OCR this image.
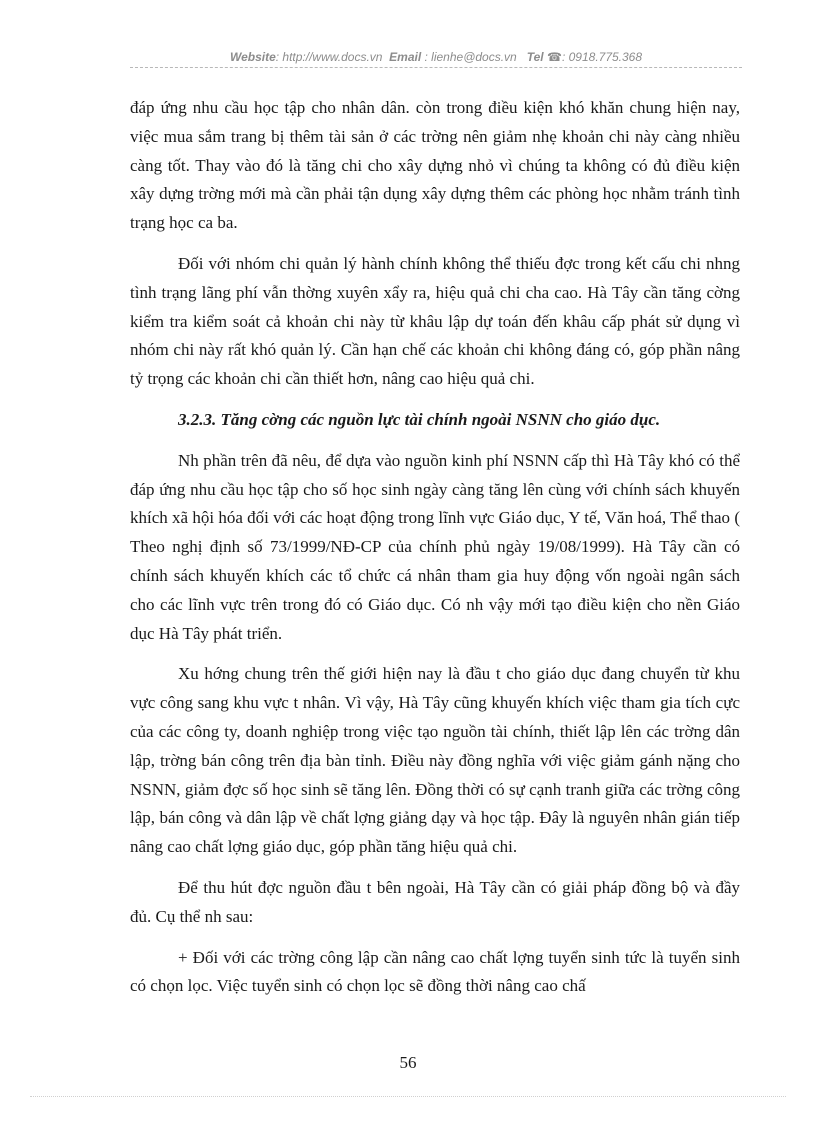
Website: http://www.docs.vn Email : lienhe@docs.vn Tel ☎: 0918.775.368

đáp ứng nhu cầu học tập cho nhân dân. còn trong điều kiện khó khăn chung hiện nay, việc mua sắm trang bị thêm tài sản ở các trờng nên giảm nhẹ khoản chi này càng nhiều càng tốt. Thay vào đó là tăng chi cho xây dựng nhỏ vì chúng ta không có đủ điều kiện xây dựng trờng mới mà cần phải tận dụng xây dựng thêm các phòng học nhằm tránh tình trạng học ca ba.

Đối với nhóm chi quản lý hành chính không thể thiếu đợc trong kết cấu chi nhng tình trạng lãng phí vẫn thờng xuyên xẩy ra, hiệu quả chi cha cao. Hà Tây cần tăng cờng kiểm tra kiểm soát cả khoản chi này từ khâu lập dự toán đến khâu cấp phát sử dụng vì nhóm chi này rất khó quản lý. Cần hạn chế các khoản chi không đáng có, góp phần nâng tỷ trọng các khoản chi cần thiết hơn, nâng cao hiệu quả chi.

3.2.3. Tăng cờng các nguồn lực tài chính ngoài NSNN cho giáo dục.

Nh phần trên đã nêu, để dựa vào nguồn kinh phí NSNN cấp thì Hà Tây khó có thể đáp ứng nhu cầu học tập cho số học sinh ngày càng tăng lên cùng với chính sách khuyến khích xã hội hóa đối với các hoạt động trong lĩnh vực Giáo dục, Y tế, Văn hoá, Thể thao ( Theo nghị định số 73/1999/NĐ-CP của chính phủ ngày 19/08/1999). Hà Tây cần có chính sách khuyến khích các tổ chức cá nhân tham gia huy động vốn ngoài ngân sách cho các lĩnh vực trên trong đó có Giáo dục. Có nh vậy mới tạo điều kiện cho nền Giáo dục Hà Tây phát triển.

Xu hớng chung trên thế giới hiện nay là đầu t cho giáo dục đang chuyển từ khu vực công sang khu vực t nhân. Vì vậy, Hà Tây cũng khuyến khích việc tham gia tích cực của các công ty, doanh nghiệp trong việc tạo nguồn tài chính, thiết lập lên các trờng dân lập, trờng bán công trên địa bàn tỉnh. Điều này đồng nghĩa với việc giảm gánh nặng cho NSNN, giảm đợc số học sinh sẽ tăng lên. Đồng thời có sự cạnh tranh giữa các trờng công lập, bán công và dân lập về chất lợng giảng dạy và học tập. Đây là nguyên nhân gián tiếp nâng cao chất lợng giáo dục, góp phần tăng hiệu quả chi.

Để thu hút đợc nguồn đầu t bên ngoài, Hà Tây cần có giải pháp đồng bộ và đầy đủ. Cụ thể nh sau:

+ Đối với các trờng công lập cần nâng cao chất lợng tuyển sinh tức là tuyển sinh có chọn lọc. Việc tuyển sinh có chọn lọc sẽ đồng thời nâng cao chấ

56
